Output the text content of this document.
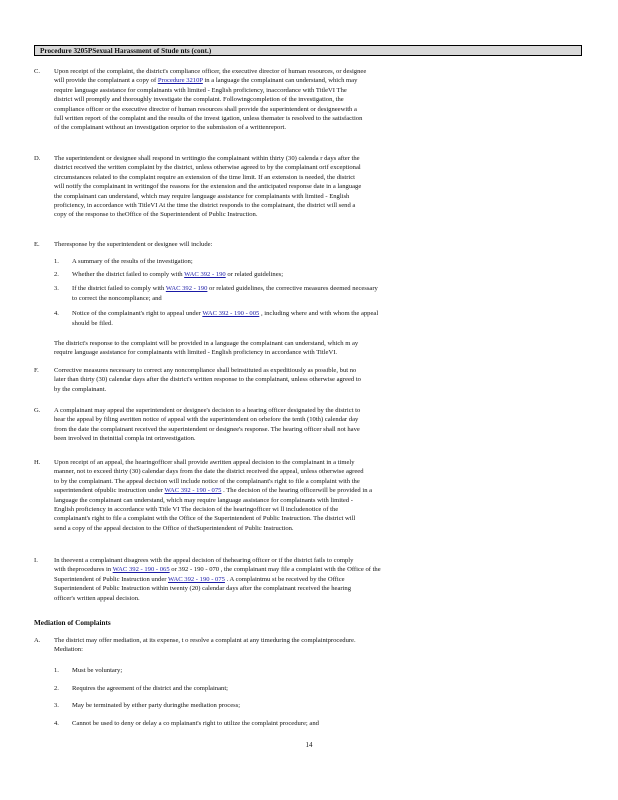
Procedure 3205PSexual Harassment of Stude nts (cont.)
C.	Upon receipt of the complaint, the district's compliance officer, the executive director of human resources, or designee

will provide the complainant a copy of Procedure 3210P in a language the complainant can understand, which may

require language assistance for complainants with limited - English proficiency, inaccordance with TitleVI The

district will promptly and thoroughly investigate the complaint. Followingcompletion of the investigation, the

compliance officer or the executive director of human resources shall provide the superintendent or designeewith a

full written report of the complaint and the results of the invest igation, unless themater is resolved to the satisfaction

of the complainant without an investigation orprior to the submission of a writtenreport.

D.	The superintendent or designee shall respond in writingto the complainant within thirty (30) calenda r days after the

district received the written complaint by the district, unless otherwise agreed to by the complainant orif exceptional

circumstances related to the complaint require an extension of the time limit. If an extension is needed, the district

will notify the complainant in writingof the reasons for the extension and the anticipated response date in a language

the complainant can understand, which may require language assistance for complainants with limited - English

proficiency, in accordance with TitleVI At the time the district responds to the complainant, the district will send a

copy of the response to theOffice of the Superintendent of Public Instruction.

E.	Theresponse by the superintendent or designee will include:
1. A summary of the results of the investigation;
2. Whether the district failed to comply with WAC 392 - 190 or related guidelines;
3. If the district failed to comply with WAC 392 - 190 or related guidelines, the corrective measures deemed necessary
to correct the noncompliance; and
4. Notice of the complainant's right to appeal under WAC 392 - 190 - 005 , including where and with whom the appeal
should be filed.

The district's response to the complaint will be provided in a language the complainant can understand, which m ay

require language assistance for complainants with limited - English proficiency in accordance with TitleVI.

F.	Corrective measures necessary to correct any noncompliance shall beinstituted as expeditiously as possible, but no

later than thirty (30) calendar days after the district's written response to the complainant, unless otherwise agreed to

by the complainant.

G.	A complainant may appeal the superintendent or designee's decision to a hearing officer designated by the district to

hear the appeal by filing awritten notice of appeal with the superintendent on orbefore the tenth (10th) calendar day

from the date the complainant received the superintendent or designee's response. The hearing officer shall not have

been involved in theinitial compla int orinvestigation.

H.	Upon receipt of an appeal, the hearingofficer shall provide awritten appeal decision to the complainant in a timely

manner, not to exceed thirty (30) calendar days from the date the district received the appeal, unless otherwise agreed

to by the complainant. The appeal decision will include notice of the complainant's right to file a complaint with the

superintendent ofpublic instruction under WAC 392 - 190 - 075 . The decision of the hearing officerwill be provided in a

language the complainant can understand, which may require language assistance for complainants with limited -

English proficiency in accordance with Title VI The decision of the hearingofficer wi ll includenotice of the

complainant's right to file a complaint with the Office of the Superintendent of Public Instruction. The district will

send a copy of the appeal decision to the Office of theSuperintendent of Public Instruction.

I.	In theevent a complainant disagrees with the appeal decision of thehearing officer or if the district fails to comply

with theprocedures in WAC 392 - 190 - 065 or 392 - 190 - 070 , the complainant may file a complaint with the Office of the

Superintendent of Public Instruction under WAC 392 - 190 - 075 . A complaintmu st be received by the Office

Superintendent of Public Instruction within twenty (20) calendar days after the complainant received the hearing

officer's written appeal decision.

Mediation of Complaints
A.	The district may offer mediation, at its expense, t o resolve a complaint at any timeduring the complaintprocedure.

Mediation:

1. Must be voluntary;
2. Requires the agreement of the district and the complainant;
3. May be terminated by either party duringthe mediation process;
4. Cannot be used to deny or delay a co mplainant's right to utilize the complaint procedure; and
14
